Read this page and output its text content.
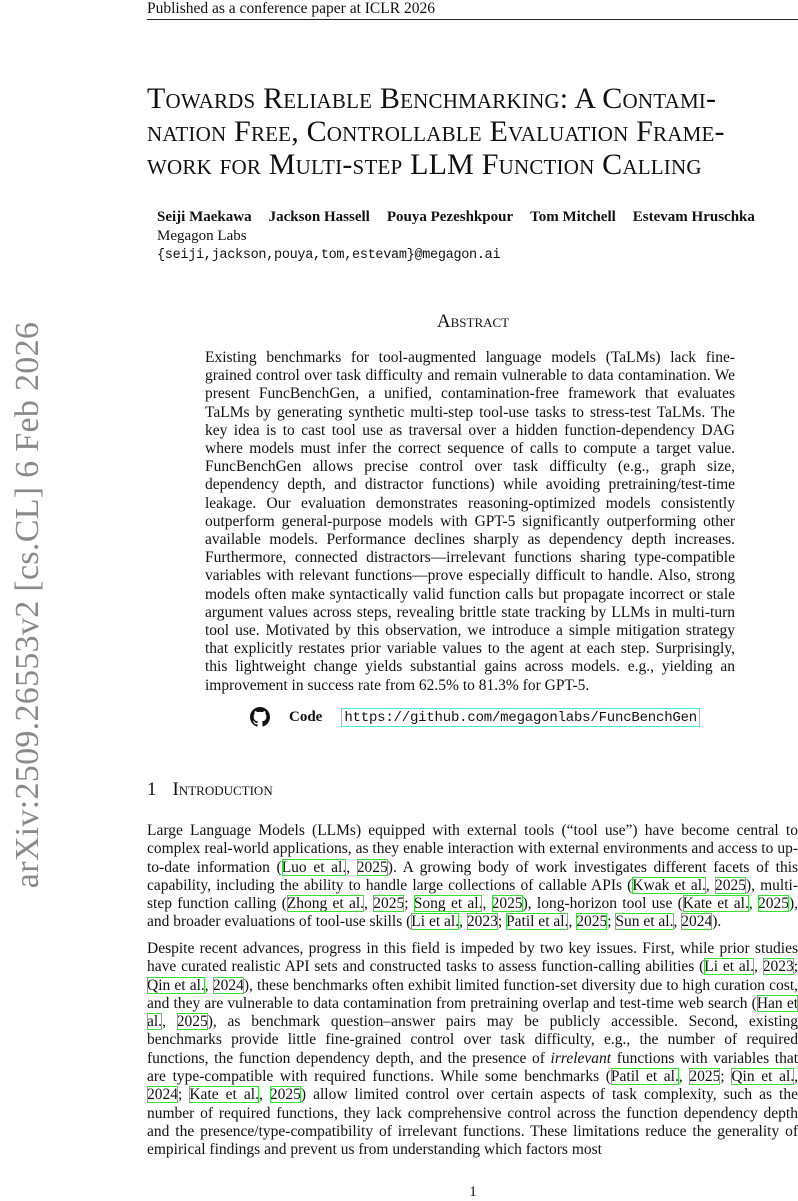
Published as a conference paper at ICLR 2026
arXiv:2509.26553v2 [cs.CL] 6 Feb 2026
Towards Reliable Benchmarking: A Contami-
nation Free, Controllable Evaluation Frame-
work for Multi-step LLM Function Calling
Seiji Maekawa Jackson Hassell Pouya Pezeshkpour Tom Mitchell Estevam Hruschka
Megagon Labs
{seiji,jackson,pouya,tom,estevam}@megagon.ai
Abstract
Existing benchmarks for tool-augmented language models (TaLMs) lack fine-grained control over task difficulty and remain vulnerable to data contamination. We present FuncBenchGen, a unified, contamination-free framework that evaluates TaLMs by generating synthetic multi-step tool-use tasks to stress-test TaLMs. The key idea is to cast tool use as traversal over a hidden function-dependency DAG where models must infer the correct sequence of calls to compute a target value. FuncBenchGen allows precise control over task difficulty (e.g., graph size, dependency depth, and distractor functions) while avoiding pretraining/test-time leakage. Our evaluation demonstrates reasoning-optimized models consistently outperform general-purpose models with GPT-5 significantly outperforming other available models. Performance declines sharply as dependency depth increases. Furthermore, connected distractors—irrelevant functions sharing type-compatible variables with relevant functions—prove especially difficult to handle. Also, strong models often make syntactically valid function calls but propagate incorrect or stale argument values across steps, revealing brittle state tracking by LLMs in multi-turn tool use. Motivated by this observation, we introduce a simple mitigation strategy that explicitly restates prior variable values to the agent at each step. Surprisingly, this lightweight change yields substantial gains across models. e.g., yielding an improvement in success rate from 62.5% to 81.3% for GPT-5.
Code https://github.com/megagonlabs/FuncBenchGen
1 Introduction
Large Language Models (LLMs) equipped with external tools (“tool use”) have become central to complex real-world applications, as they enable interaction with external environments and access to up-to-date information (Luo et al., 2025). A growing body of work investigates different facets of this capability, including the ability to handle large collections of callable APIs (Kwak et al., 2025), multi-step function calling (Zhong et al., 2025; Song et al., 2025), long-horizon tool use (Kate et al., 2025), and broader evaluations of tool-use skills (Li et al., 2023; Patil et al., 2025; Sun et al., 2024).
Despite recent advances, progress in this field is impeded by two key issues. First, while prior studies have curated realistic API sets and constructed tasks to assess function-calling abilities (Li et al., 2023; Qin et al., 2024), these benchmarks often exhibit limited function-set diversity due to high curation cost, and they are vulnerable to data contamination from pretraining overlap and test-time web search (Han et al., 2025), as benchmark question–answer pairs may be publicly accessible. Second, existing benchmarks provide little fine-grained control over task difficulty, e.g., the number of required functions, the function dependency depth, and the presence of irrelevant functions with variables that are type-compatible with required functions. While some benchmarks (Patil et al., 2025; Qin et al., 2024; Kate et al., 2025) allow limited control over certain aspects of task complexity, such as the number of required functions, they lack comprehensive control across the function dependency depth and the presence/type-compatibility of irrelevant functions. These limitations reduce the generality of empirical findings and prevent us from understanding which factors most
1
